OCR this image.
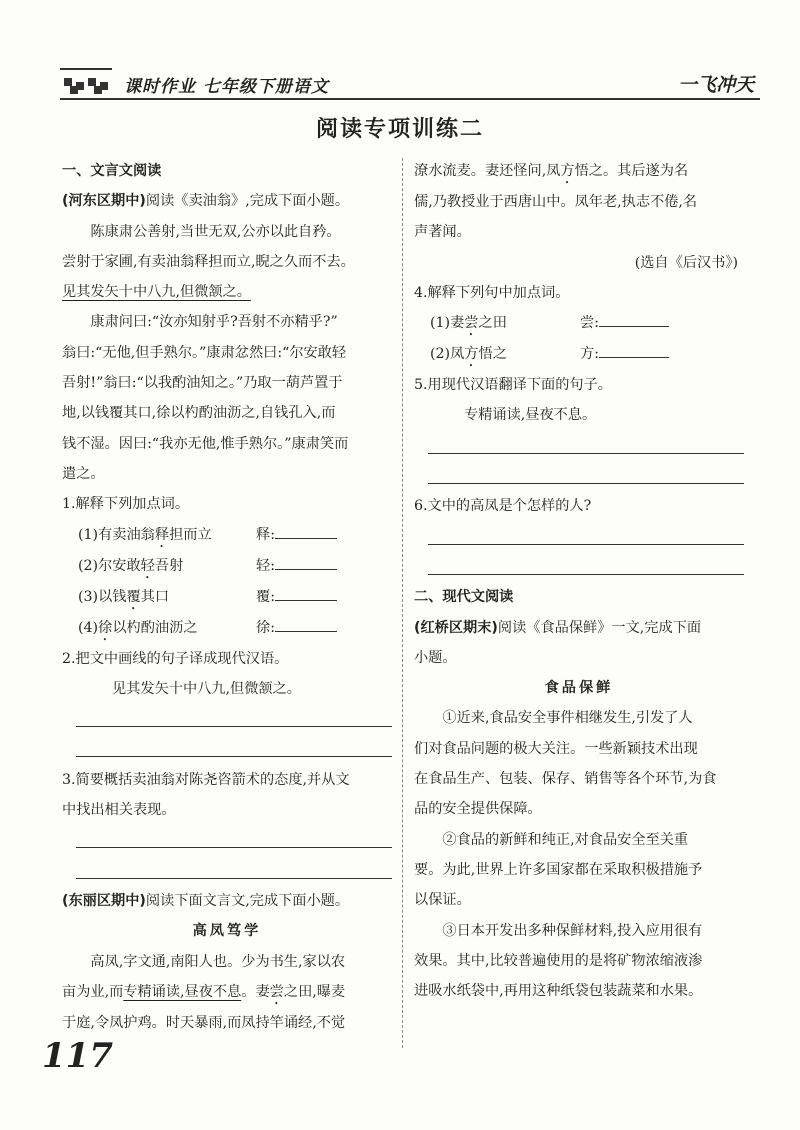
课时作业 七年级下册语文	一飞冲天
阅读专项训练二

一、文言文阅读

(河东区期中)阅读《卖油翁》,完成下面小题。

陈康肃公善射,当世无双,公亦以此自矜。

尝射于家圃,有卖油翁释担而立,睨之久而不去。

见其发矢十中八九,但微颔之。

康肃问曰:“汝亦知射乎?吾射不亦精乎?”

翁曰:“无他,但手熟尔。”康肃忿然曰:“尔安敢轻

吾射!”翁曰:“以我酌油知之。”乃取一葫芦置于

地,以钱覆其口,徐以杓酌油沥之,自钱孔入,而

钱不湿。因曰:“我亦无他,惟手熟尔。”康肃笑而

遣之。

1.解释下列加点词。

(1)有卖油翁释担而立	释:
(2)尔安敢轻吾射	轻:
(3)以钱覆其口	覆:
(4)徐以杓酌油沥之	徐:

2.把文中画线的句子译成现代汉语。

见其发矢十中八九,但微颔之。

3.简要概括卖油翁对陈尧咨箭术的态度,并从文

中找出相关表现。

(东丽区期中)阅读下面文言文,完成下面小题。

高凤笃学

高凤,字文通,南阳人也。少为书生,家以农

亩为业,而专精诵读,昼夜不息。妻尝之田,曝麦

于庭,令凤护鸡。时天暴雨,而凤持竿诵经,不觉

潦水流麦。妻还怪问,凤方悟之。其后遂为名

儒,乃教授业于西唐山中。凤年老,执志不倦,名

声著闻。

(选自《后汉书》)

4.解释下列句中加点词。

(1)妻尝之田	尝:
(2)凤方悟之	方:

5.用现代汉语翻译下面的句子。

专精诵读,昼夜不息。

6.文中的高凤是个怎样的人?

二、现代文阅读

(红桥区期末)阅读《食品保鲜》一文,完成下面

小题。

食品保鲜

①近来,食品安全事件相继发生,引发了人

们对食品问题的极大关注。一些新颖技术出现

在食品生产、包装、保存、销售等各个环节,为食

品的安全提供保障。

②食品的新鲜和纯正,对食品安全至关重

要。为此,世界上许多国家都在采取积极措施予

以保证。

③日本开发出多种保鲜材料,投入应用很有

效果。其中,比较普遍使用的是将矿物浓缩液渗

进吸水纸袋中,再用这种纸袋包装蔬菜和水果。

117
